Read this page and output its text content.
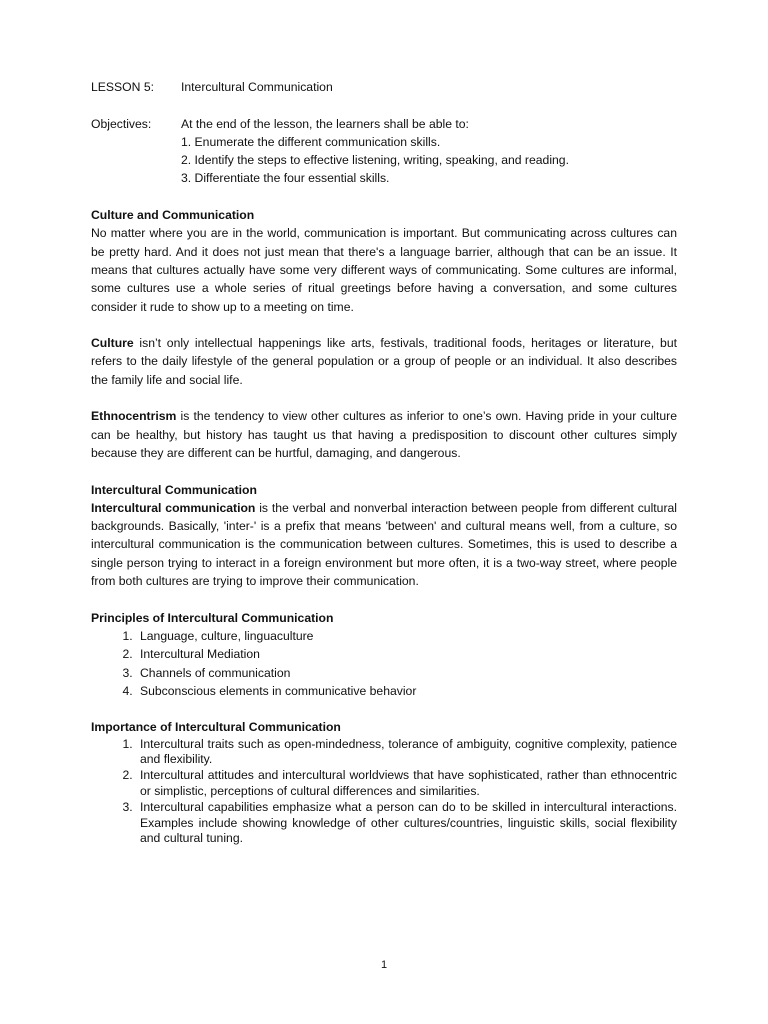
LESSON 5:	Intercultural Communication
Objectives:	At the end of the lesson, the learners shall be able to:
1. Enumerate the different communication skills.
2. Identify the steps to effective listening, writing, speaking, and reading.
3. Differentiate the four essential skills.
Culture and Communication

No matter where you are in the world, communication is important. But communicating across cultures can be pretty hard. And it does not just mean that there's a language barrier, although that can be an issue. It means that cultures actually have some very different ways of communicating. Some cultures are informal, some cultures use a whole series of ritual greetings before having a conversation, and some cultures consider it rude to show up to a meeting on time.

Culture isn’t only intellectual happenings like arts, festivals, traditional foods, heritages or literature, but refers to the daily lifestyle of the general population or a group of people or an individual. It also describes the family life and social life.

Ethnocentrism is the tendency to view other cultures as inferior to one’s own. Having pride in your culture can be healthy, but history has taught us that having a predisposition to discount other cultures simply because they are different can be hurtful, damaging, and dangerous.

Intercultural Communication

Intercultural communication is the verbal and nonverbal interaction between people from different cultural backgrounds. Basically, 'inter-' is a prefix that means 'between' and cultural means well, from a culture, so intercultural communication is the communication between cultures. Sometimes, this is used to describe a single person trying to interact in a foreign environment but more often, it is a two-way street, where people from both cultures are trying to improve their communication.

Principles of Intercultural Communication
1. Language, culture, linguaculture
2. Intercultural Mediation
3. Channels of communication
4. Subconscious elements in communicative behavior
Importance of Intercultural Communication
1. Intercultural traits such as open-mindedness, tolerance of ambiguity, cognitive complexity, patience and flexibility.
2. Intercultural attitudes and intercultural worldviews that have sophisticated, rather than ethnocentric or simplistic, perceptions of cultural differences and similarities.
3. Intercultural capabilities emphasize what a person can do to be skilled in intercultural interactions. Examples include showing knowledge of other cultures/countries, linguistic skills, social flexibility and cultural tuning.
1
